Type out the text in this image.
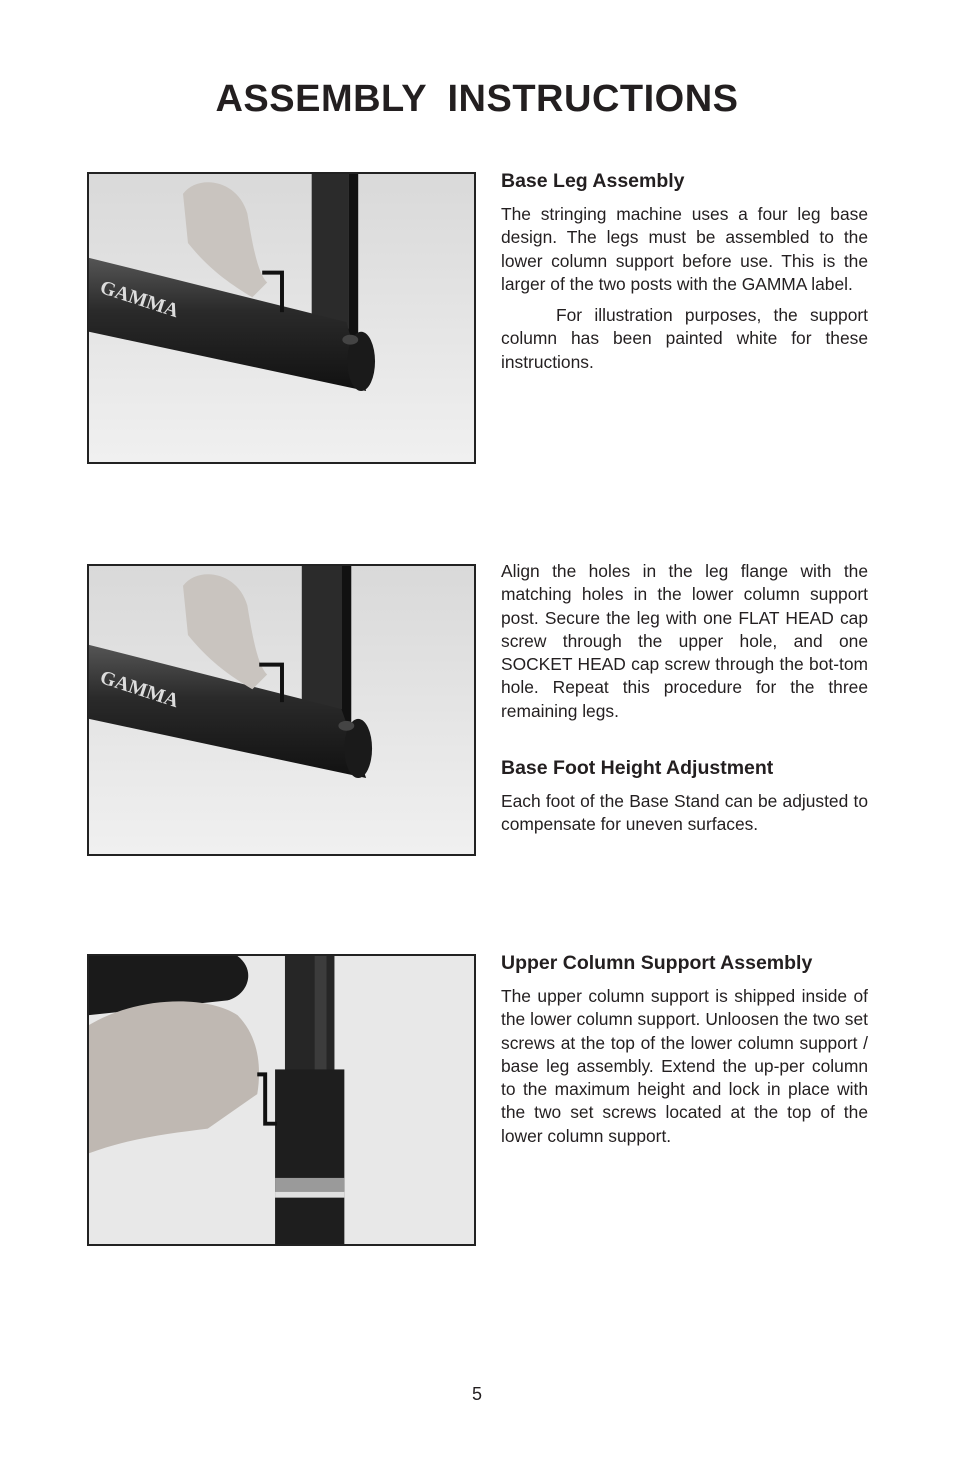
ASSEMBLY INSTRUCTIONS
GAMMA
Base Leg Assembly

The stringing machine uses a four leg base design. The legs must be assembled to the lower column support before use. This is the larger of the two posts with the GAMMA label.

For illustration purposes, the support column has been painted white for these instructions.

GAMMA

Align the holes in the leg flange with the matching holes in the lower column support post. Secure the leg with one FLAT HEAD cap screw through the upper hole, and one SOCKET HEAD cap screw through the bot-tom hole. Repeat this procedure for the three remaining legs.

Base Foot Height Adjustment

Each foot of the Base Stand can be adjusted to compensate for uneven surfaces.

Upper Column Support Assembly

The upper column support is shipped inside of the lower column support. Unloosen the two set screws at the top of the lower column support / base leg assembly. Extend the up-per column to the maximum height and lock in place with the two set screws located at the top of the lower column support.

5
